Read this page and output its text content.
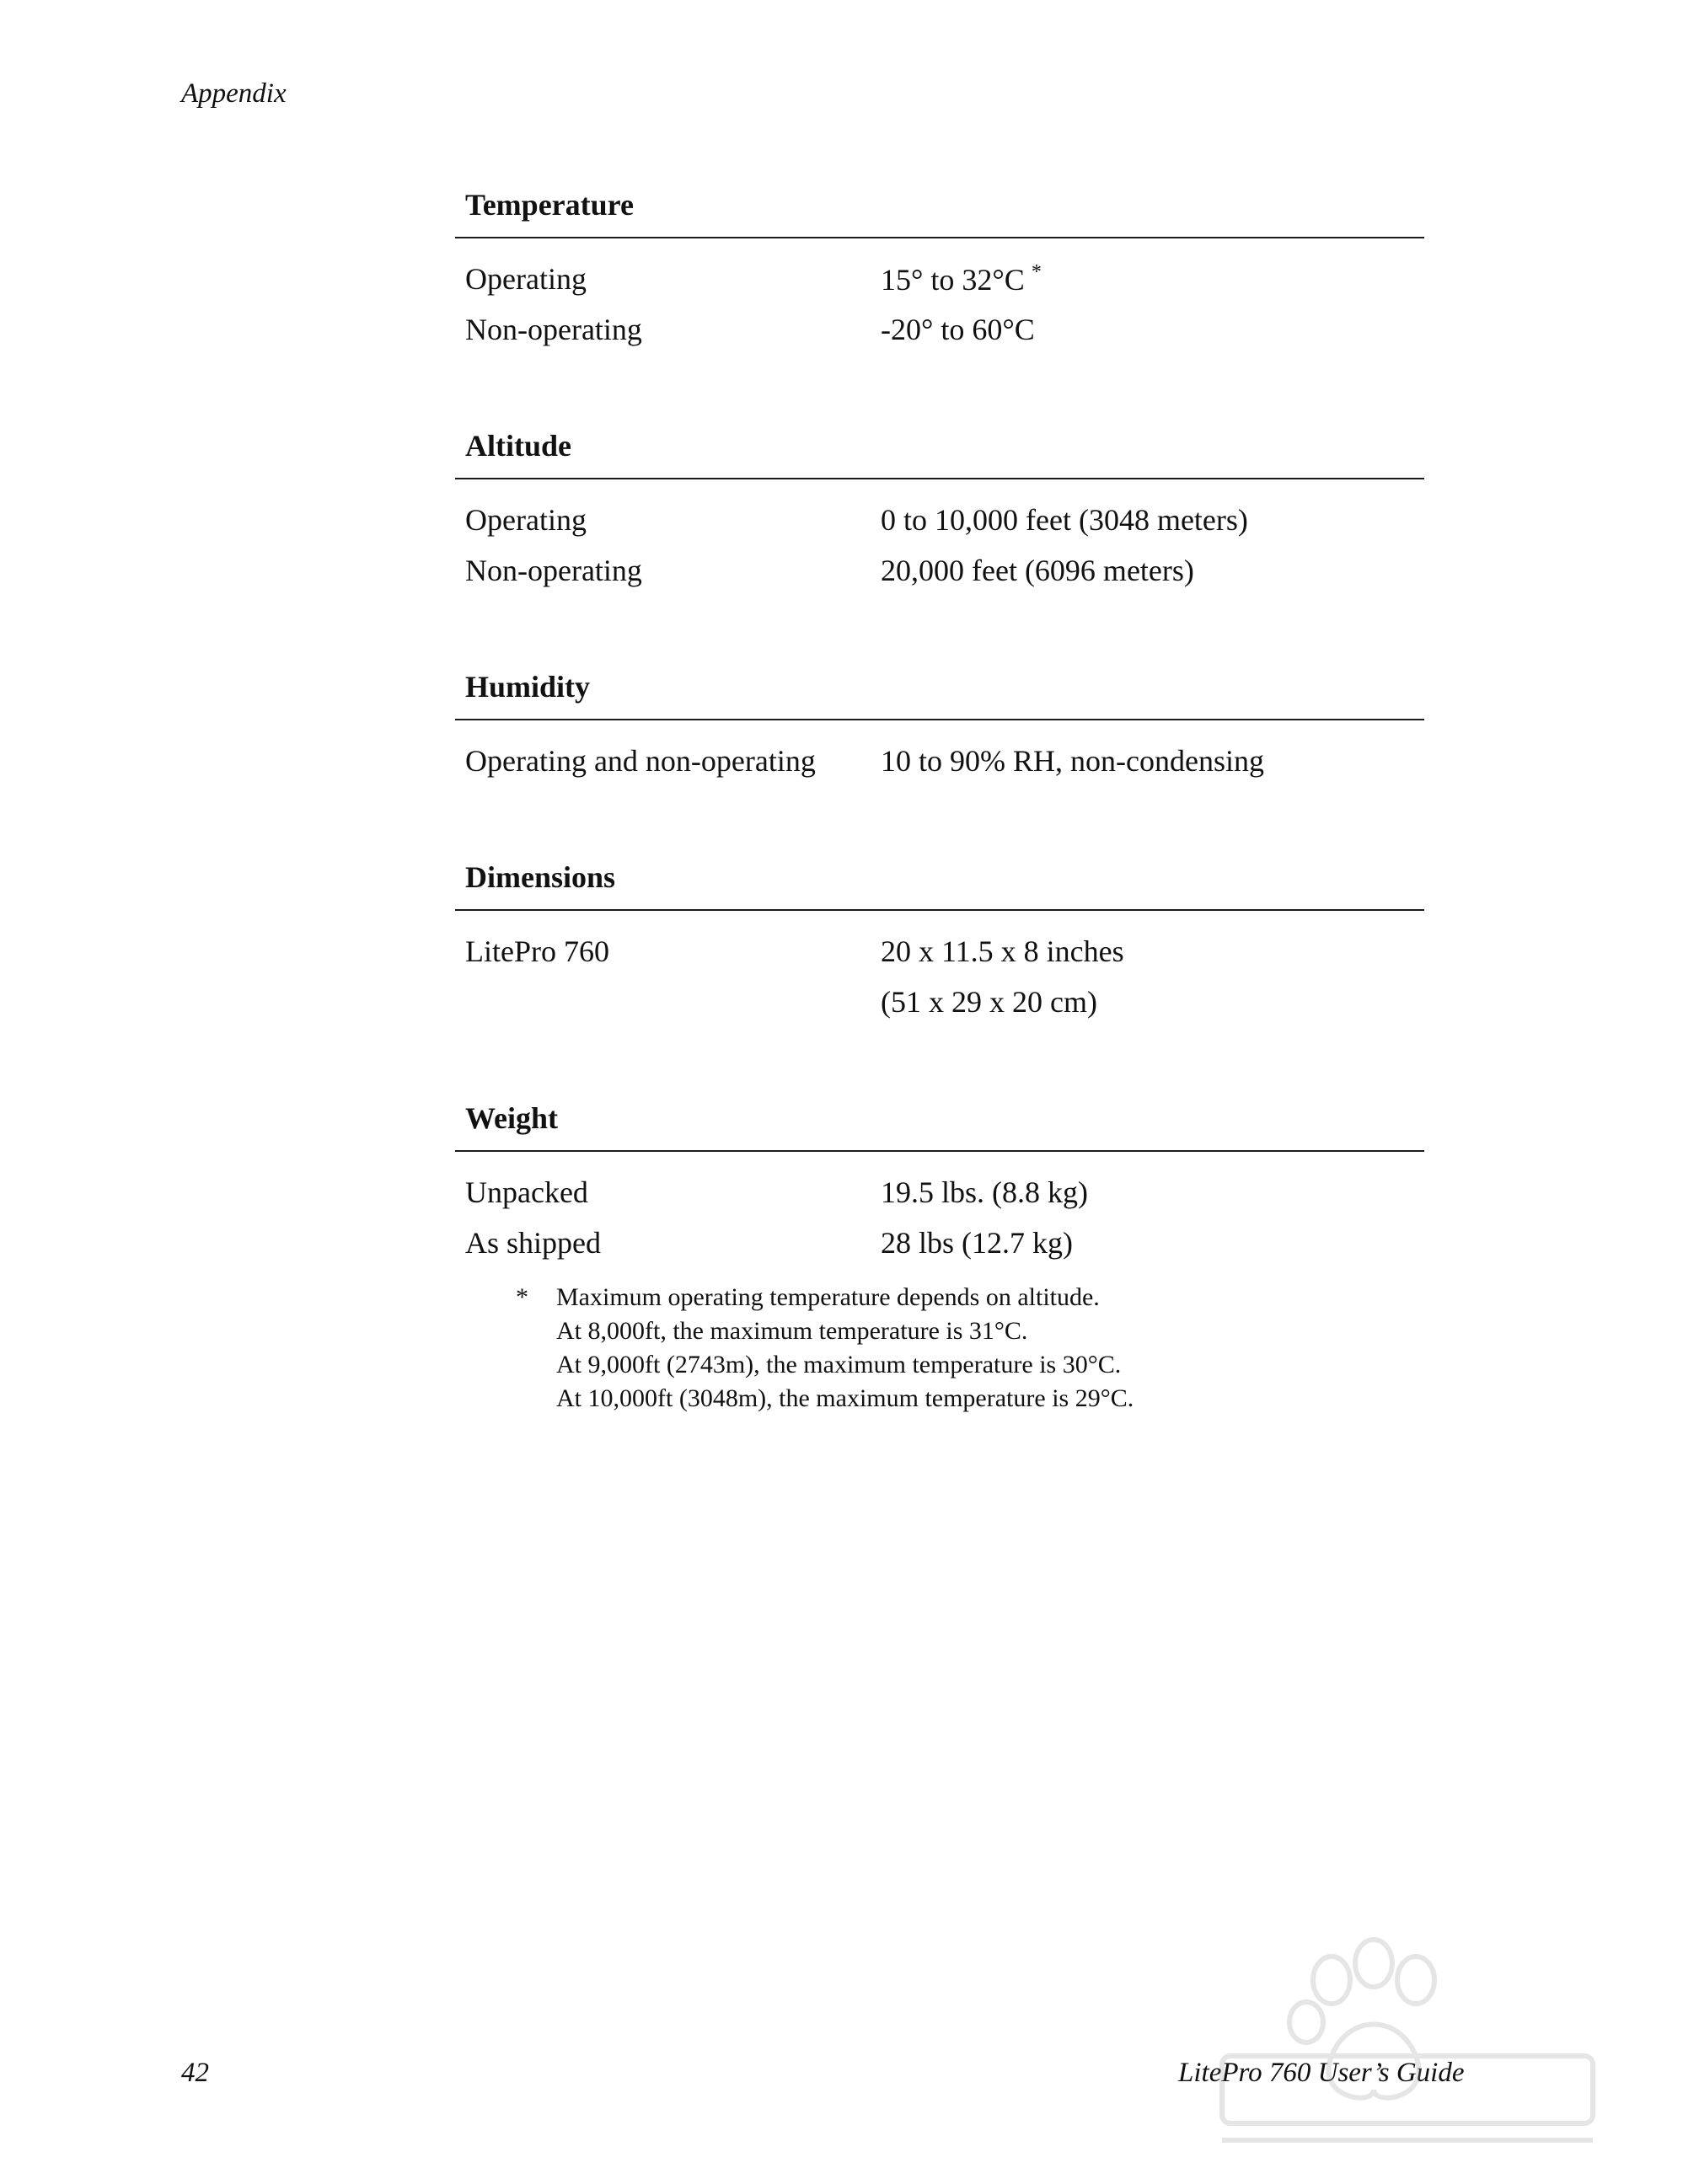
Appendix
Temperature
Operating	15° to 32°C *
Non-operating	-20° to 60°C
Altitude
Operating	0 to 10,000 feet (3048 meters)
Non-operating	20,000 feet (6096 meters)
Humidity
Operating and non-operating	10 to 90% RH, non-condensing
Dimensions
LitePro 760	20 x 11.5 x 8 inches
(51 x 29 x 20 cm)
Weight
Unpacked	19.5 lbs. (8.8 kg)
As shipped	28 lbs (12.7 kg)
*	Maximum operating temperature depends on altitude.
At 8,000ft, the maximum temperature is 31°C.
At 9,000ft (2743m), the maximum temperature is 30°C.
At 10,000ft (3048m), the maximum temperature is 29°C.
42	LitePro 760 User’s Guide
